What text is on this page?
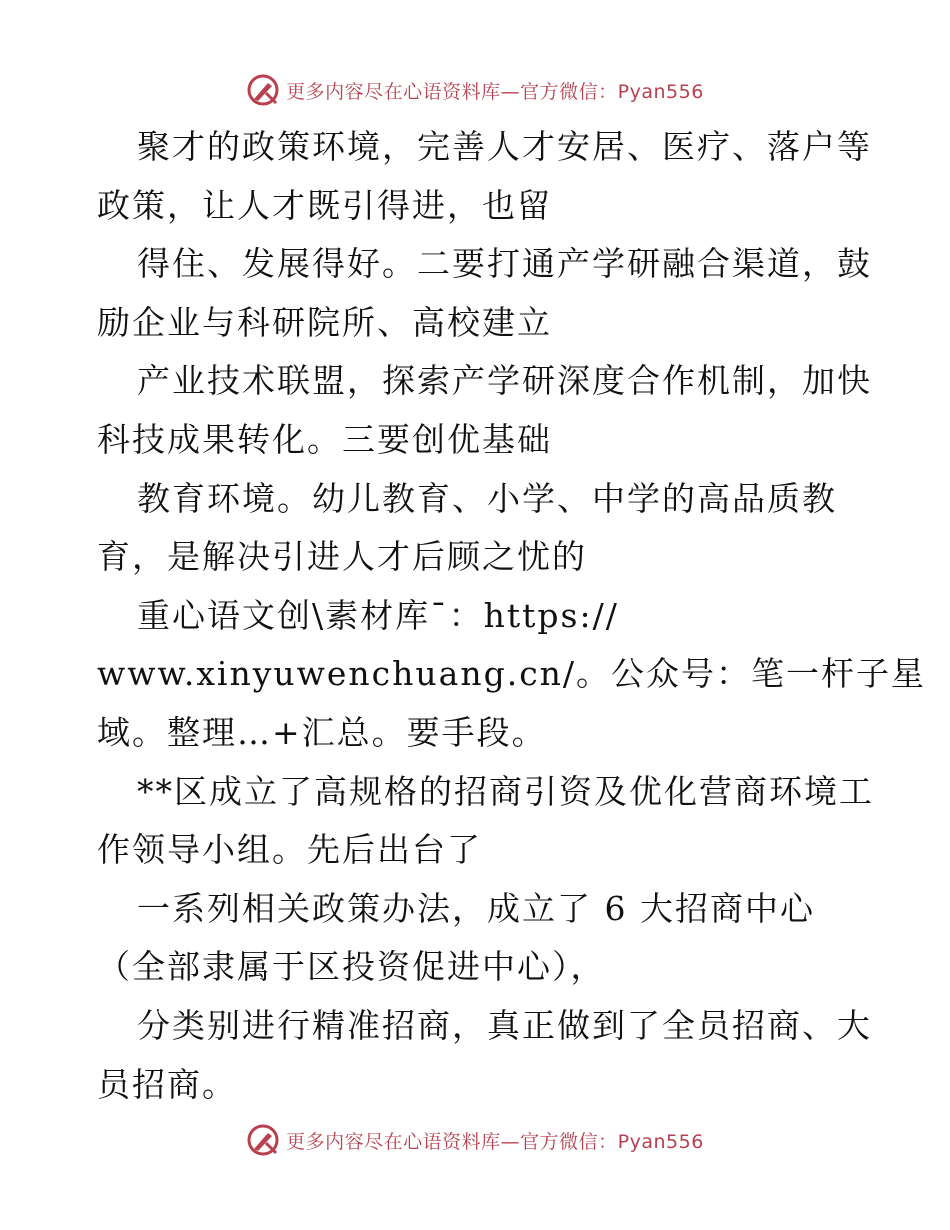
更多内容尽在心语资料库—官方微信：Pyan556
聚才的政策环境，完善人才安居、医疗、落户等
政策，让人才既引得进，也留
得住、发展得好。二要打通产学研融合渠道，鼓
励企业与科研院所、高校建立
产业技术联盟，探索产学研深度合作机制，加快
科技成果转化。三要创优基础
教育环境。幼儿教育、小学、中学的高品质教
育，是解决引进人才后顾之忧的
重心语文创\素材库¯：https://
www.xinyuwenchuang.cn/。公众号：笔一杆子星
域。整理…+汇总。要手段。
**区成立了高规格的招商引资及优化营商环境工
作领导小组。先后出台了
一系列相关政策办法，成立了 6 大招商中心
（全部隶属于区投资促进中心），
分类别进行精准招商，真正做到了全员招商、大
员招商。
更多内容尽在心语资料库—官方微信：Pyan556
